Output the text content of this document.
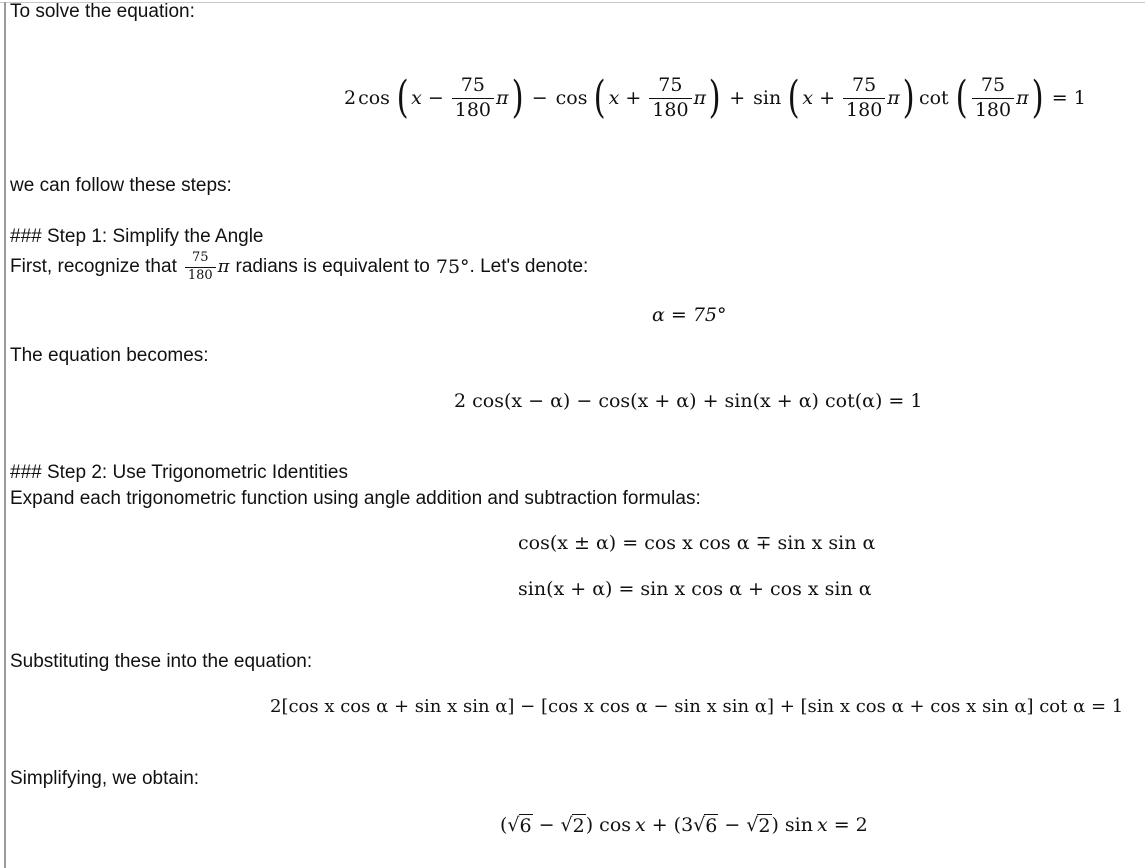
To solve the equation:
2 cos ( $x - \frac{75}{180}$ π ) − cos ( $x + \frac{75}{180}$ π ) + sin ( $x + \frac{75}{180}$ π ) cot ( $\frac{75}{180}$ π ) = 1
we can follow these steps:
### Step 1: Simplify the Angle
First, recognize that $\frac{75}{180}$ π radians is equivalent to 75° . Let's denote:
α = 75°
The equation becomes:
2 cos(x − α) − cos(x + α) + sin(x + α) cot(α) = 1
### Step 2: Use Trigonometric Identities
Expand each trigonometric function using angle addition and subtraction formulas:
cos(x ± α) = cos x cos α ∓ sin x sin α
sin(x + α) = sin x cos α + cos x sin α
Substituting these into the equation:
2[cos x cos α + sin x sin α] − [cos x cos α − sin x sin α] + [sin x cos α + cos x sin α] cot α = 1
Simplifying, we obtain:
( √ 6 − √ 2 ) cos x + ( 3 √ 6 − √ 2 ) sin x = 2
